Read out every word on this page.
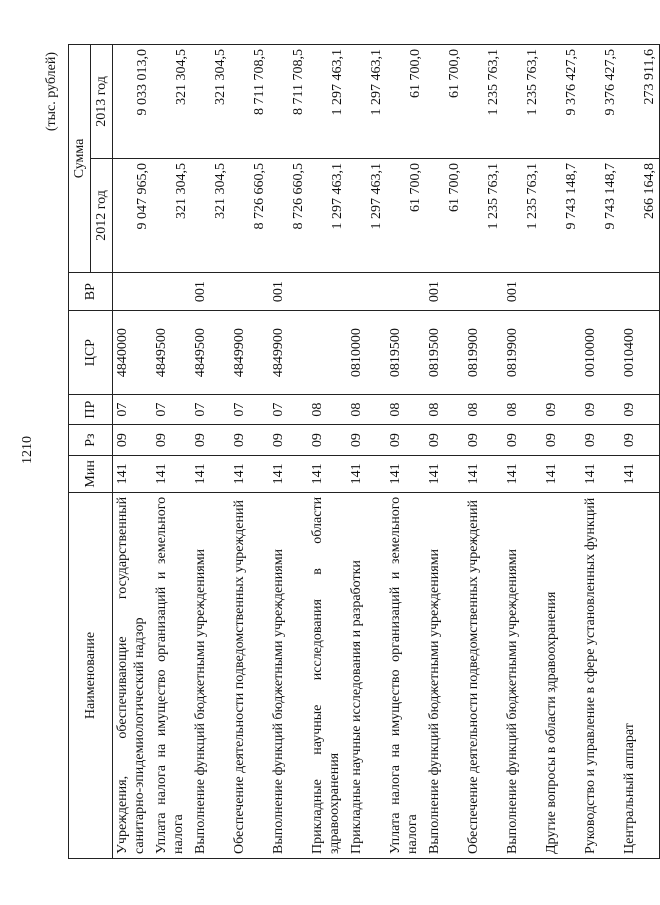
1210
(тыс. рублей)
Наименование	Мин	Рз	ПР	ЦСР	ВР	Сумма	
						2012 год	2013 год
Учреждения, обеспечивающие государственный санитарно-эпидемиологический надзор	141	09	07	4840000		9 047 965,0	9 033 013,0
Уплата налога на имущество организаций и земельного налога	141	09	07	4849500		321 304,5	321 304,5
Выполнение функций бюджетными учреждениями	141	09	07	4849500	001	321 304,5	321 304,5
Обеспечение деятельности подведомственных учреждений	141	09	07	4849900		8 726 660,5	8 711 708,5
Выполнение функций бюджетными учреждениями	141	09	07	4849900	001	8 726 660,5	8 711 708,5
Прикладные научные исследования в области здравоохранения	141	09	08			1 297 463,1	1 297 463,1
Прикладные научные исследования и разработки	141	09	08	0810000		1 297 463,1	1 297 463,1
Уплата налога на имущество организаций и земельного налога	141	09	08	0819500		61 700,0	61 700,0
Выполнение функций бюджетными учреждениями	141	09	08	0819500	001	61 700,0	61 700,0
Обеспечение деятельности подведомственных учреждений	141	09	08	0819900		1 235 763,1	1 235 763,1
Выполнение функций бюджетными учреждениями	141	09	08	0819900	001	1 235 763,1	1 235 763,1
Другие вопросы в области здравоохранения	141	09	09			9 743 148,7	9 376 427,5
Руководство и управление в сфере установленных функций	141	09	09	0010000		9 743 148,7	9 376 427,5
Центральный аппарат	141	09	09	0010400		266 164,8	273 911,6
